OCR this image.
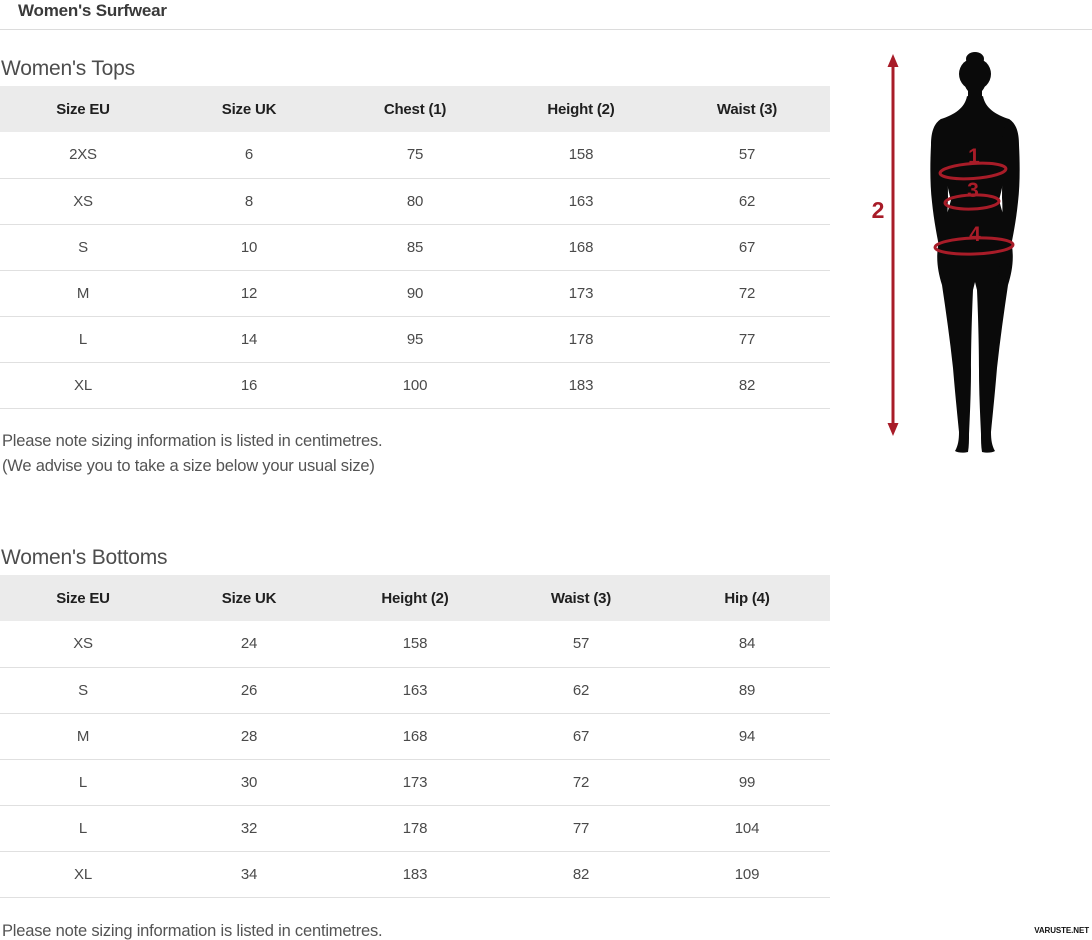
Women's Surfwear
Women's Tops
Size EU	Size UK	Chest (1)	Height (2)	Waist (3)
2XS	6	75	158	57
XS	8	80	163	62
S	10	85	168	67
M	12	90	173	72
L	14	95	178	77
XL	16	100	183	82
Please note sizing information is listed in centimetres.
(We advise you to take a size below your usual size)
Women's Bottoms
Size EU	Size UK	Height (2)	Waist (3)	Hip (4)
XS	24	158	57	84
S	26	163	62	89
M	28	168	67	94
L	30	173	72	99
L	32	178	77	104
XL	34	183	82	109
Please note sizing information is listed in centimetres.
2
1
3
4
VARUSTE.NET
